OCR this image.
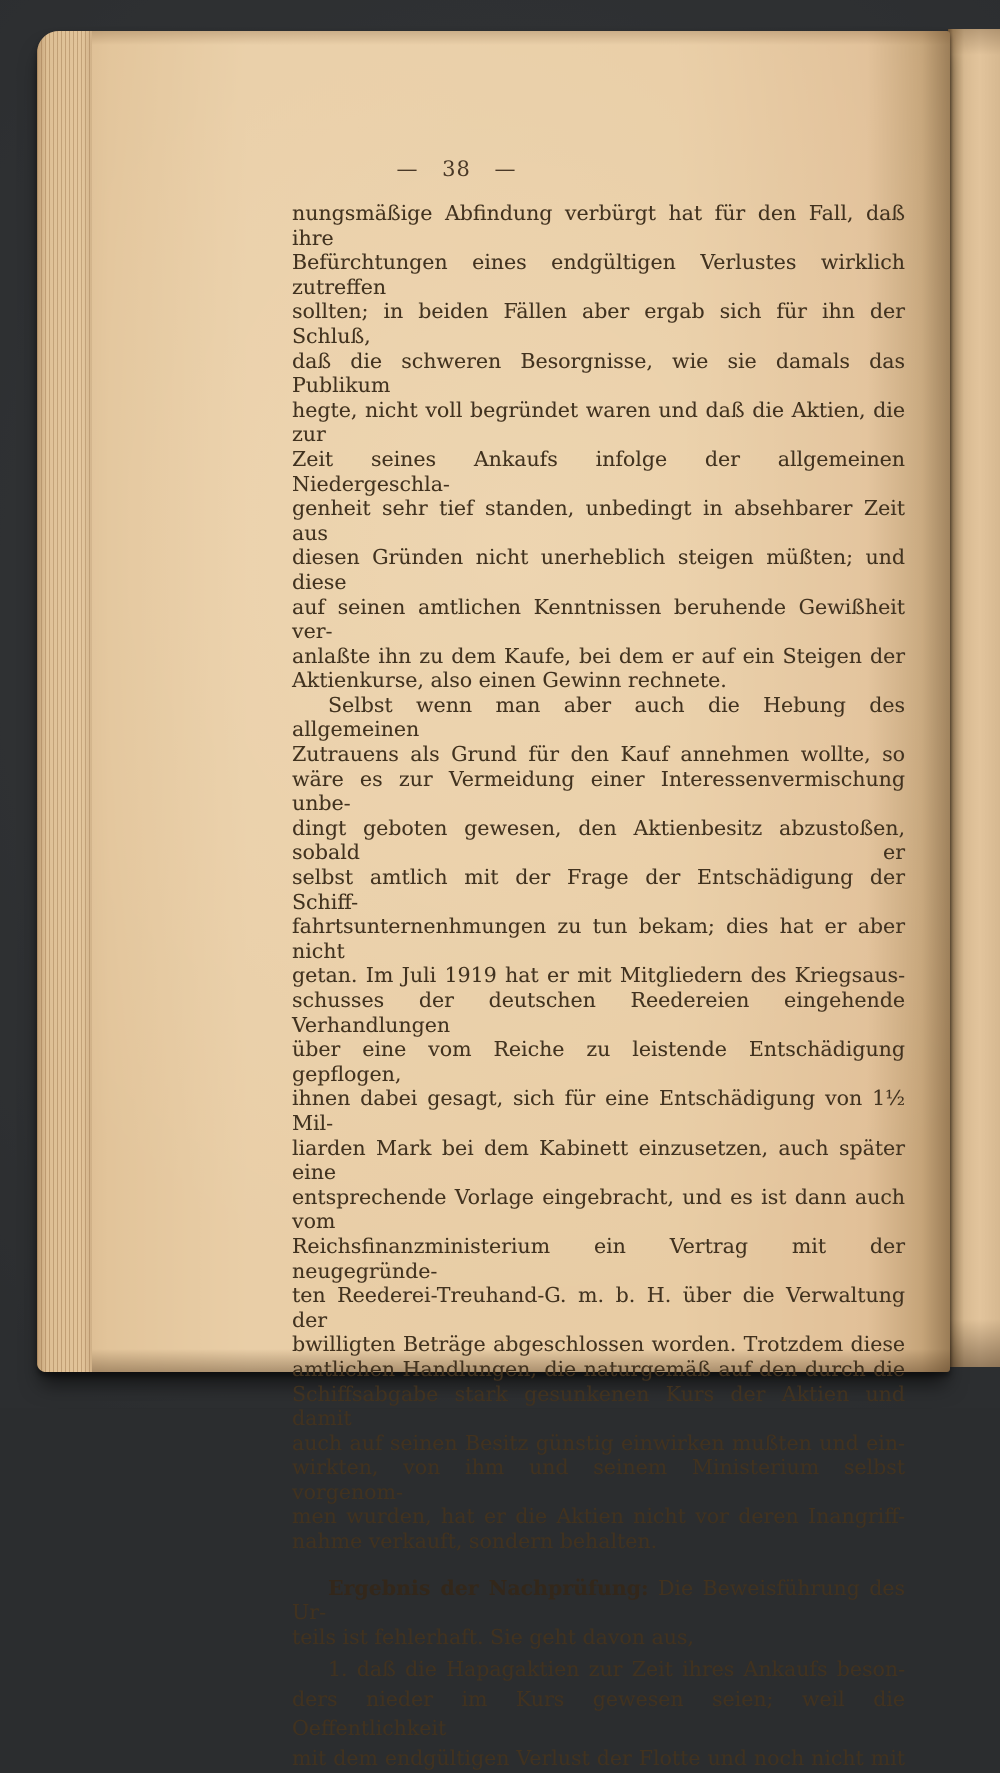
— 38 —
nungsmäßige Abfindung verbürgt hat für den Fall, daß ihre
Befürchtungen eines endgültigen Verlustes wirklich zutreffen
sollten; in beiden Fällen aber ergab sich für ihn der Schluß,
daß die schweren Besorgnisse, wie sie damals das Publikum
hegte, nicht voll begründet waren und daß die Aktien, die zur
Zeit seines Ankaufs infolge der allgemeinen Niedergeschla-
genheit sehr tief standen, unbedingt in absehbarer Zeit aus
diesen Gründen nicht unerheblich steigen müßten; und diese
auf seinen amtlichen Kenntnissen beruhende Gewißheit ver-
anlaßte ihn zu dem Kaufe, bei dem er auf ein Steigen der
Aktienkurse, also einen Gewinn rechnete.
Selbst wenn man aber auch die Hebung des allgemeinen
Zutrauens als Grund für den Kauf annehmen wollte, so
wäre es zur Vermeidung einer Interessenvermischung unbe-
dingt geboten gewesen, den Aktienbesitz abzustoßen, sobald er
selbst amtlich mit der Frage der Entschädigung der Schiff-
fahrtsunternenhmungen zu tun bekam; dies hat er aber nicht
getan. Im Juli 1919 hat er mit Mitgliedern des Kriegsaus-
schusses der deutschen Reedereien eingehende Verhandlungen
über eine vom Reiche zu leistende Entschädigung gepflogen,
ihnen dabei gesagt, sich für eine Entschädigung von 1½ Mil-
liarden Mark bei dem Kabinett einzusetzen, auch später eine
entsprechende Vorlage eingebracht, und es ist dann auch vom
Reichsfinanzministerium ein Vertrag mit der neugegründe-
ten Reederei-Treuhand-G. m. b. H. über die Verwaltung der
bwilligten Beträge abgeschlossen worden. Trotzdem diese
amtlichen Handlungen, die naturgemäß auf den durch die
Schiffsabgabe stark gesunkenen Kurs der Aktien und damit
auch auf seinen Besitz günstig einwirken mußten und ein-
wirkten, von ihm und seinem Ministerium selbst vorgenom-
men wurden, hat er die Aktien nicht vor deren Inangriff-
nahme verkauft, sondern behalten.
Ergebnis der Nachprüfung: Die Beweisführung des Ur-
teils ist fehlerhaft. Sie geht davon aus,
1. daß die Hapagaktien zur Zeit ihres Ankaufs beson-
ders nieder im Kurs gewesen seien; weil die Oeffentlichkeit
mit dem endgültigen Verlust der Flotte und noch nicht mit
